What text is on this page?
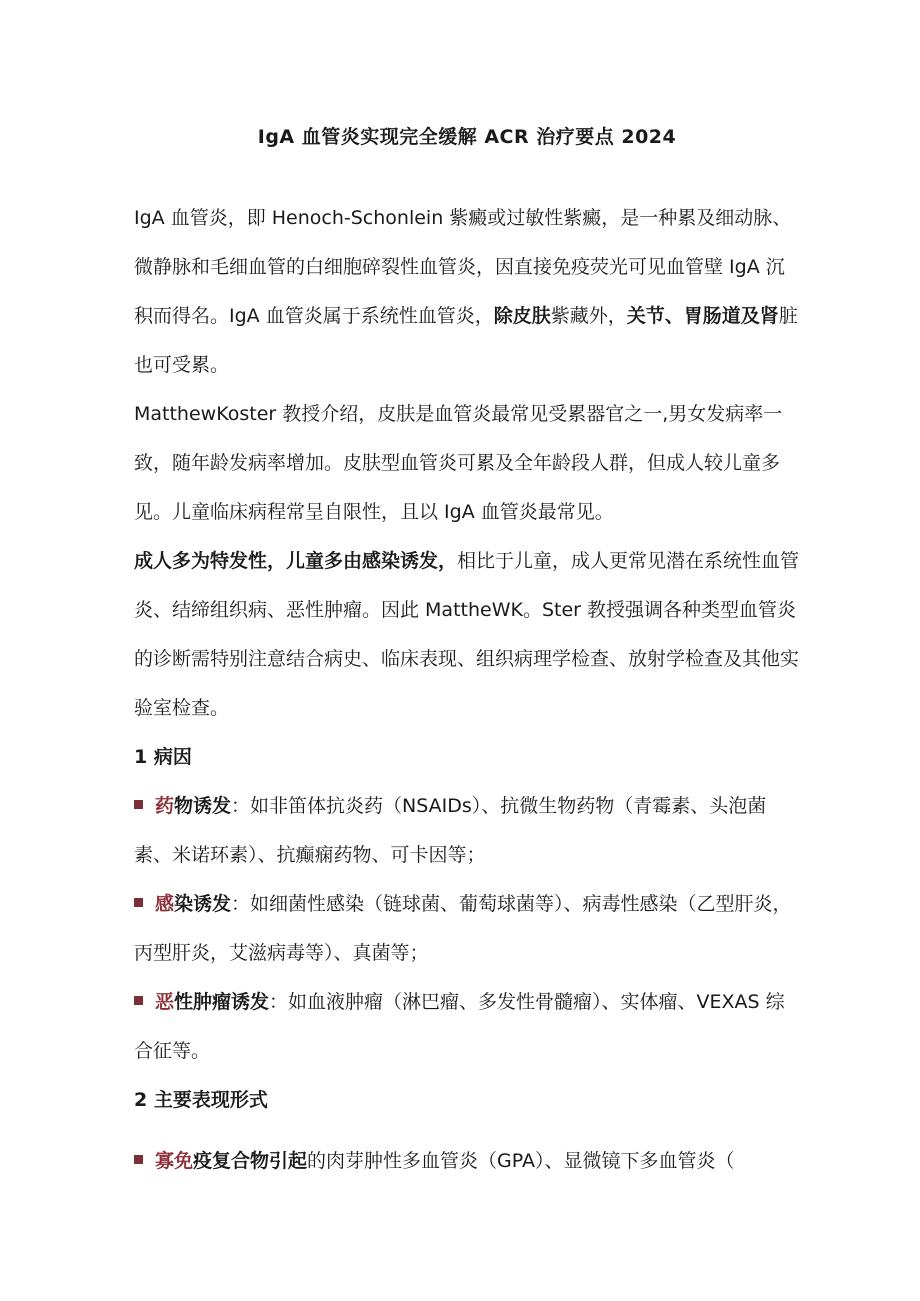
IgA 血管炎实现完全缓解 ACR 治疗要点 2024

IgA 血管炎，即 Henoch-Schonlein 紫癜或过敏性紫癜，是一种累及细动脉、微静脉和毛细血管的白细胞碎裂性血管炎，因直接免疫荧光可见血管壁 IgA 沉积而得名。IgA 血管炎属于系统性血管炎，除皮肤紫藏外，关节、胃肠道及肾脏也可受累。

MatthewKoster 教授介绍，皮肤是血管炎最常见受累器官之一,男女发病率一致，随年龄发病率增加。皮肤型血管炎可累及全年龄段人群，但成人较儿童多见。儿童临床病程常呈自限性，且以 IgA 血管炎最常见。

成人多为特发性，儿童多由感染诱发，相比于儿童，成人更常见潜在系统性血管炎、结缔组织病、恶性肿瘤。因此 MattheWK。Ster 教授强调各种类型血管炎的诊断需特别注意结合病史、临床表现、组织病理学检查、放射学检查及其他实验室检查。

1 病因

药物诱发：如非笛体抗炎药（NSAIDs）、抗微生物药物（青霉素、头泡菌素、米诺环素）、抗癫痫药物、可卡因等；

感染诱发：如细菌性感染（链球菌、葡萄球菌等）、病毒性感染（乙型肝炎，丙型肝炎，艾滋病毒等）、真菌等；

恶性肿瘤诱发：如血液肿瘤（淋巴瘤、多发性骨髓瘤）、实体瘤、VEXAS 综合征等。

2 主要表现形式

寡免疫复合物引起的肉芽肿性多血管炎（GPA）、显微镜下多血管炎（
